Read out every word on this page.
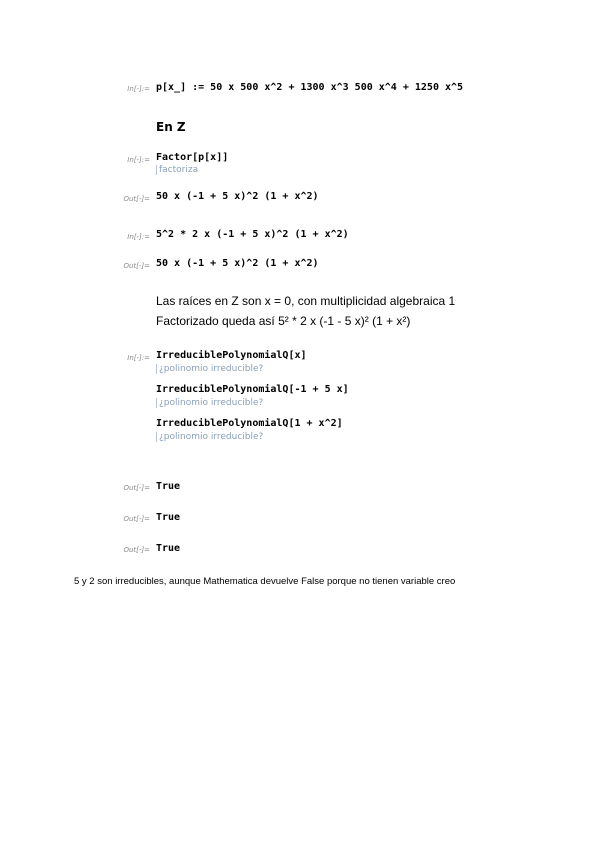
In[-]:= p[x_] := 50 x 500 x^2 + 1300 x^3 500 x^4 + 1250 x^5
En Z
In[-]:= Factor[p[x]]
factoriza
Out[-]= 50 x (-1 + 5 x)^2 (1 + x^2)
In[-]:= 5^2 * 2 x (-1 + 5 x)^2 (1 + x^2)
Out[-]= 50 x (-1 + 5 x)^2 (1 + x^2)
Las raíces en Z son x = 0, con multiplicidad algebraica 1
Factorizado queda así 5² * 2 x (-1 - 5 x)² (1 + x²)
In[-]:= IrreduciblePolynomialQ[x]
¿polinomio irreducible?
IrreduciblePolynomialQ[-1 + 5 x]
¿polinomio irreducible?
IrreduciblePolynomialQ[1 + x^2]
¿polinomio irreducible?
Out[-]= True
Out[-]= True
Out[-]= True
5 y 2 son irreducibles, aunque Mathematica devuelve False porque no tienen variable creo
